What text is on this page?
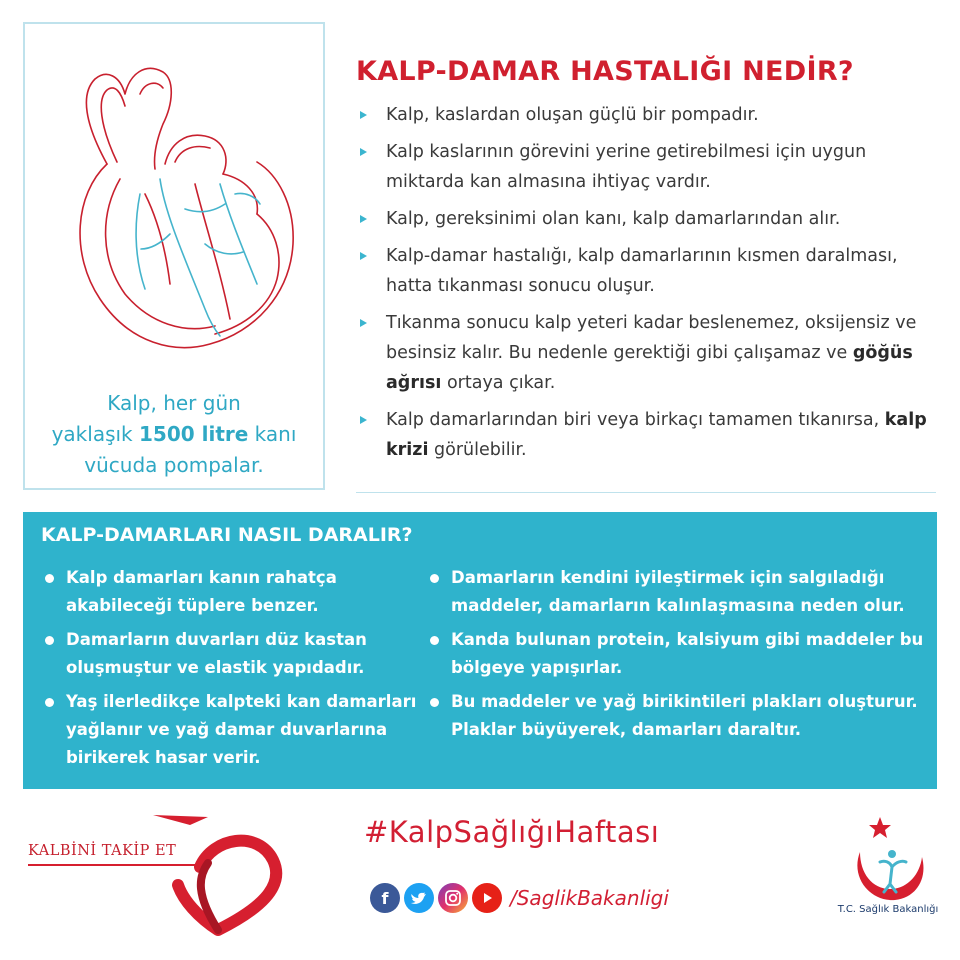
Kalp, her gün
yaklaşık 1500 litre kanı
vücuda pompalar.
KALP-DAMAR HASTALIĞI NEDİR?
Kalp, kaslardan oluşan güçlü bir pompadır.
Kalp kaslarının görevini yerine getirebilmesi için uygun miktarda kan almasına ihtiyaç vardır.
Kalp, gereksinimi olan kanı, kalp damarlarından alır.
Kalp-damar hastalığı, kalp damarlarının kısmen daralması, hatta tıkanması sonucu oluşur.
Tıkanma sonucu kalp yeteri kadar beslenemez, oksijensiz ve besinsiz kalır. Bu nedenle gerektiği gibi çalışamaz ve göğüs ağrısı ortaya çıkar.
Kalp damarlarından biri veya birkaçı tamamen tıkanırsa, kalp krizi görülebilir.
KALP-DAMARLARI NASIL DARALIR?
Kalp damarları kanın rahatça akabileceği tüplere benzer.
Damarların duvarları düz kastan oluşmuştur ve elastik yapıdadır.
Yaş ilerledikçe kalpteki kan damarları yağlanır ve yağ damar duvarlarına birikerek hasar verir.
Damarların kendini iyileştirmek için salgıladığı maddeler, damarların kalınlaşmasına neden olur.
Kanda bulunan protein, kalsiyum gibi maddeler bu bölgeye yapışırlar.
Bu maddeler ve yağ birikintileri plakları oluşturur. Plaklar büyüyerek, damarları daraltır.
KALBİNİ TAKİP ET
#KalpSağlığıHaftası
f	/SaglikBakanligi	T.C. Sağlık Bakanlığı
